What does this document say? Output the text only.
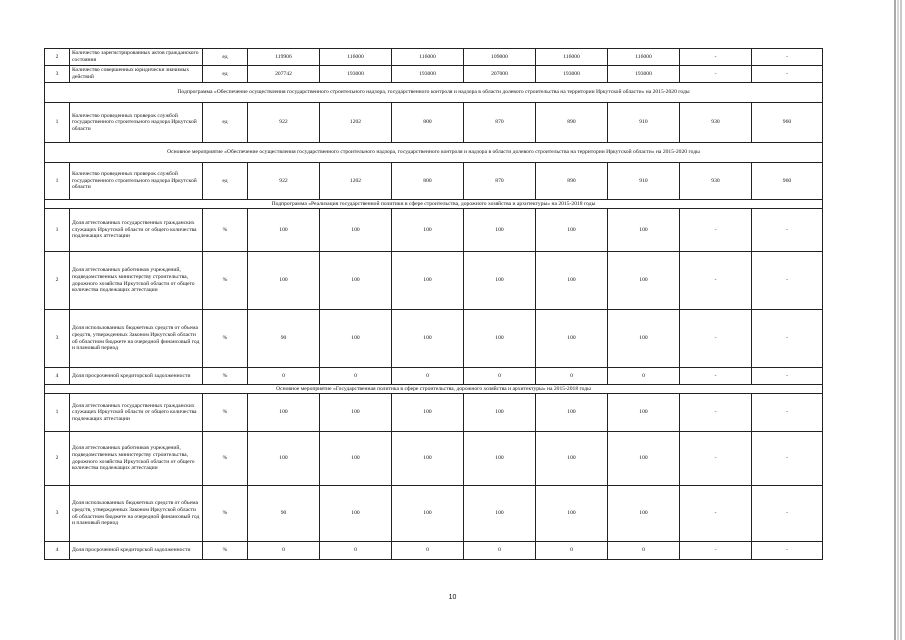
2	Количество зарегистрированных актов гражданского состояния	ед	119906	116000	116000	109000	116000	116000	-	-
3	Количество совершенных юридически значимых действий	ед	207742	193000	193000	207000	193000	193000	-	-
Подпрограмма «Обеспечение осуществления государственного строительного надзора, государственного контроля и надзора в области долевого строительства на территории Иркутской области» на 2015-2020 годы										
1	Количество проведенных проверок службой государственного строительного надзора Иркутской области	ед	922	1202	800	870	890	910	930	960
Основное мероприятие «Обеспечение осуществления государственного строительного надзора, государственного контроля и надзора в области долевого строительства на территории Иркутской области» на 2015-2020 годы										
1	Количество проведенных проверок службой государственного строительного надзора Иркутской области	ед	922	1202	800	870	890	910	930	960
Подпрограмма «Реализация государственной политики в сфере строительства, дорожного хозяйства и архитектуры» на 2015-2018 годы										
1	Доля аттестованных государственных гражданских служащих Иркутской области от общего количества подлежащих аттестации	%	100	100	100	100	100	100	-	-
2	Доля аттестованных работников учреждений, подведомственных министерству строительства, дорожного хозяйства Иркутской области от общего количества подлежащих аттестации	%	100	100	100	100	100	100	-	-
3	Доля использованных бюджетных средств от объема средств, утвержденных Законом Иркутской области об областном бюджете на очередной финансовый год и плановый период	%	90	100	100	100	100	100	-	-
4	Доля просроченной кредиторской задолженности	%	0	0	0	0	0	0	-	-
Основное мероприятие «Государственная политика в сфере строительства, дорожного хозяйства и архитектуры» на 2015-2018 годы										
1	Доля аттестованных государственных гражданских служащих Иркутской области от общего количества подлежащих аттестации	%	100	100	100	100	100	100	-	-
2	Доля аттестованных работников учреждений, подведомственных министерству строительства, дорожного хозяйства Иркутской области от общего количества подлежащих аттестации	%	100	100	100	100	100	100	-	-
3	Доля использованных бюджетных средств от объема средств, утвержденных Законом Иркутской области об областном бюджете на очередной финансовый год и плановый период	%	90	100	100	100	100	100	-	-
4	Доля просроченной кредиторской задолженности	%	0	0	0	0	0	0	-	-
10
